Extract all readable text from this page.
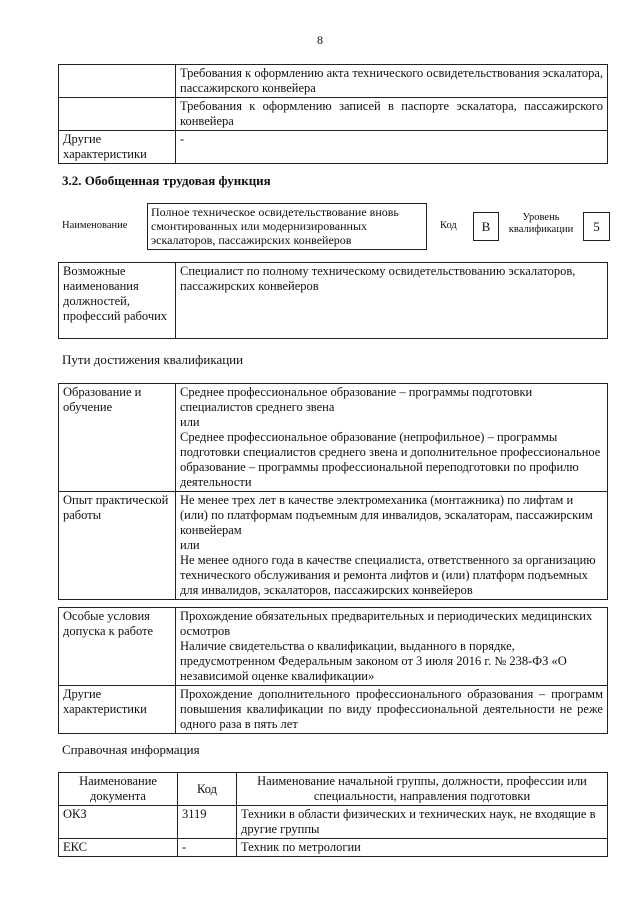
8
	Требования к оформлению акта технического освидетельствования эскалатора, пассажирского конвейера
	Требования к оформлению записей в паспорте эскалатора, пассажирского конвейера
Другие характеристики	-
3.2. Обобщенная трудовая функция
Наименование
Полное техническое освидетельствование вновь смонтированных или модернизированных эскалаторов, пассажирских конвейеров
Код	B
Уровень квалификации	5
Возможные наименования должностей, профессий рабочих	Специалист по полному техническому освидетельствованию эскалаторов, пассажирских конвейеров
Пути достижения квалификации
Образование и обучение	Среднее профессиональное образование – программы подготовки специалистов среднего звена
или
Среднее профессиональное образование (непрофильное) – программы подготовки специалистов среднего звена и дополнительное профессиональное образование – программы профессиональной переподготовки по профилю деятельности
Опыт практической работы	Не менее трех лет в качестве электромеханика (монтажника) по лифтам и (или) по платформам подъемным для инвалидов, эскалаторам, пассажирским конвейерам
или
Не менее одного года в качестве специалиста, ответственного за организацию технического обслуживания и ремонта лифтов и (или) платформ подъемных для инвалидов, эскалаторов, пассажирских конвейеров
Особые условия допуска к работе	Прохождение обязательных предварительных и периодических медицинских осмотров
Наличие свидетельства о квалификации, выданного в порядке, предусмотренном Федеральным законом от 3 июля 2016 г. № 238-ФЗ «О независимой оценке квалификации»
Другие характеристики	Прохождение дополнительного профессионального образования – программ повышения квалификации по виду профессиональной деятельности не реже одного раза в пять лет
Справочная информация
Наименование документа	Код	Наименование начальной группы, должности, профессии или специальности, направления подготовки
ОКЗ	3119	Техники в области физических и технических наук, не входящие в другие группы
ЕКС	-	Техник по метрологии
